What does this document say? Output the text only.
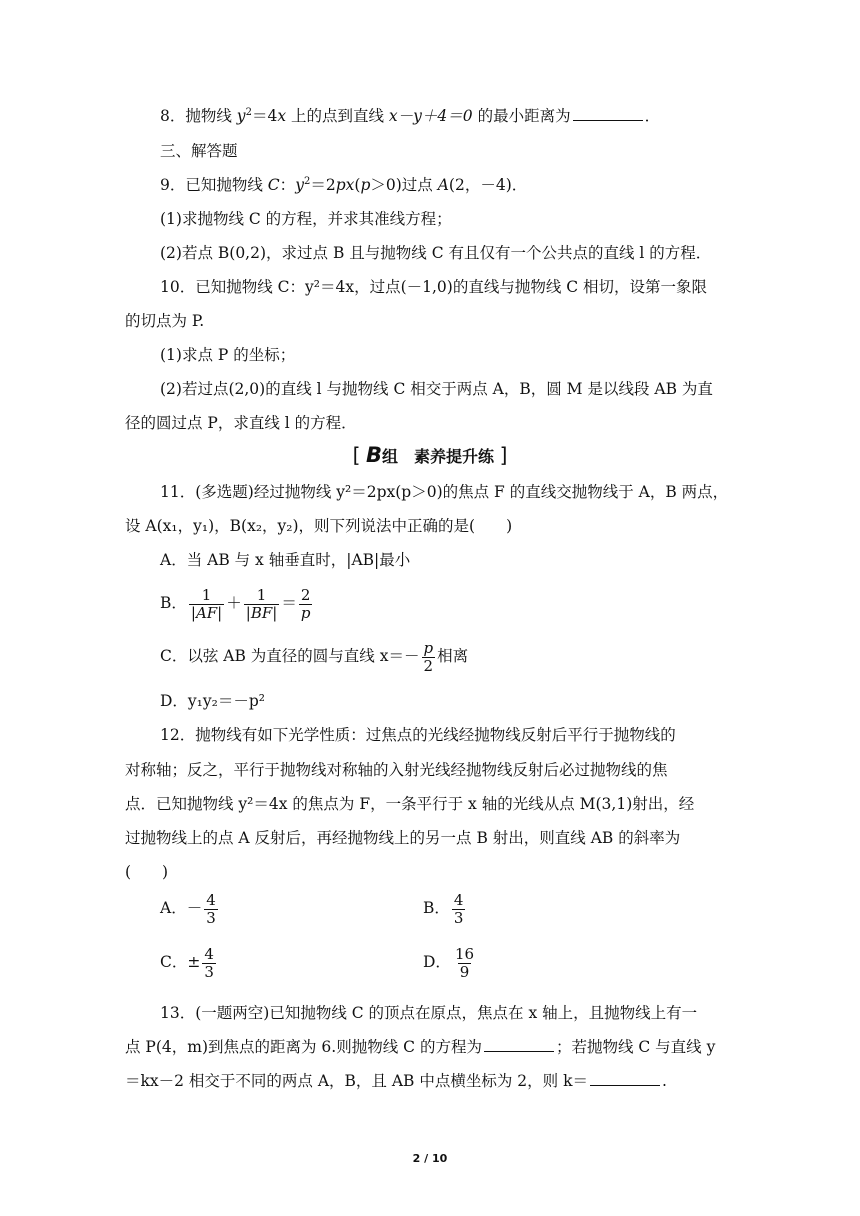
8．抛物线 $y^2=4x$ 上的点到直线 x－y＋4＝0 的最小距离为	．
三、解答题
9．已知抛物线 C：$y^2=2px(p>0)$过点 A(2，－4)．
(1)求抛物线 C 的方程，并求其准线方程；
(2)若点 B(0,2)，求过点 B 且与抛物线 C 有且仅有一个公共点的直线 l 的方程．
10．已知抛物线 C：y²＝4x，过点(－1,0)的直线与抛物线 C 相切，设第一象限
的切点为 P.
(1)求点 P 的坐标；
(2)若过点(2,0)的直线 l 与抛物线 C 相交于两点 A，B，圆 M 是以线段 AB 为直
径的圆过点 P，求直线 l 的方程．
[ B组　素养提升练 ]
11．(多选题)经过抛物线 y²＝2px(p＞0)的焦点 F 的直线交抛物线于 A，B 两点，
设 A(x₁，y₁)，B(x₂，y₂)，则下列说法中正确的是(　　)
A．当 AB 与 x 轴垂直时，|AB|最小
B． $\frac{1}{|AF|} + \frac{1}{|BF|} = \frac{2}{p}$
C．以弦 AB 为直径的圆与直线 $x=- \frac{p}{2}$ 相离
D．y₁y₂＝－p²
12．抛物线有如下光学性质：过焦点的光线经抛物线反射后平行于抛物线的
对称轴；反之，平行于抛物线对称轴的入射光线经抛物线反射后必过抛物线的焦
点．已知抛物线 y²＝4x 的焦点为 F，一条平行于 x 轴的光线从点 M(3,1)射出，经
过抛物线上的点 A 反射后，再经抛物线上的另一点 B 射出，则直线 AB 的斜率为
(　　)
A．－ $\frac{4}{3}$	B． $\frac{4}{3}$
C．± $\frac{4}{3}$	D． $\frac{16}{9}$
13．(一题两空)已知抛物线 C 的顶点在原点，焦点在 x 轴上，且抛物线上有一
点 P(4，m)到焦点的距离为 6.则抛物线 C 的方程为	；若抛物线 C 与直线 y
＝kx－2 相交于不同的两点 A，B，且 AB 中点横坐标为 2，则 k＝	.
2 / 10
